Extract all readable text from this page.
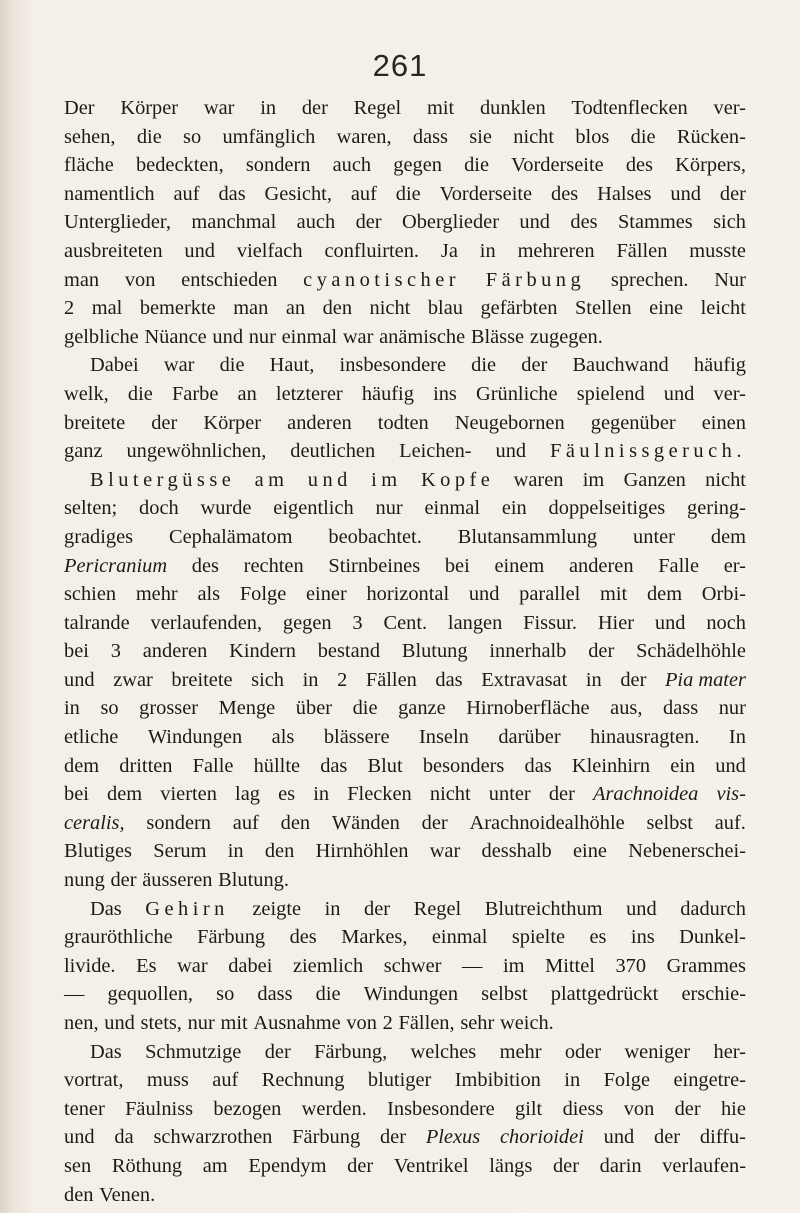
261
Der Körper war in der Regel mit dunklen Todtenflecken ver-
sehen, die so umfänglich waren, dass sie nicht blos die Rücken-
fläche bedeckten, sondern auch gegen die Vorderseite des Körpers,
namentlich auf das Gesicht, auf die Vorderseite des Halses und der
Unterglieder, manchmal auch der Oberglieder und des Stammes sich
ausbreiteten und vielfach confluirten. Ja in mehreren Fällen musste
man von entschieden cyanotischer Färbung sprechen. Nur
2 mal bemerkte man an den nicht blau gefärbten Stellen eine leicht
gelbliche Nüance und nur einmal war anämische Blässe zugegen.
Dabei war die Haut, insbesondere die der Bauchwand häufig
welk, die Farbe an letzterer häufig ins Grünliche spielend und ver-
breitete der Körper anderen todten Neugebornen gegenüber einen
ganz ungewöhnlichen, deutlichen Leichen- und Fäulnissgeruch.
Blutergüsse am und im Kopfe waren im Ganzen nicht
selten; doch wurde eigentlich nur einmal ein doppelseitiges gering-
gradiges Cephalämatom beobachtet. Blutansammlung unter dem
Pericranium des rechten Stirnbeines bei einem anderen Falle er-
schien mehr als Folge einer horizontal und parallel mit dem Orbi-
talrande verlaufenden, gegen 3 Cent. langen Fissur. Hier und noch
bei 3 anderen Kindern bestand Blutung innerhalb der Schädelhöhle
und zwar breitete sich in 2 Fällen das Extravasat in der Pia mater
in so grosser Menge über die ganze Hirnoberfläche aus, dass nur
etliche Windungen als blässere Inseln darüber hinausragten. In
dem dritten Falle hüllte das Blut besonders das Kleinhirn ein und
bei dem vierten lag es in Flecken nicht unter der Arachnoidea vis-
ceralis, sondern auf den Wänden der Arachnoidealhöhle selbst auf.
Blutiges Serum in den Hirnhöhlen war desshalb eine Nebenerschei-
nung der äusseren Blutung.
Das Gehirn zeigte in der Regel Blutreichthum und dadurch
grauröthliche Färbung des Markes, einmal spielte es ins Dunkel-
livide. Es war dabei ziemlich schwer — im Mittel 370 Grammes
— gequollen, so dass die Windungen selbst plattgedrückt erschie-
nen, und stets, nur mit Ausnahme von 2 Fällen, sehr weich.
Das Schmutzige der Färbung, welches mehr oder weniger her-
vortrat, muss auf Rechnung blutiger Imbibition in Folge eingetre-
tener Fäulniss bezogen werden. Insbesondere gilt diess von der hie
und da schwarzrothen Färbung der Plexus chorioidei und der diffu-
sen Röthung am Ependym der Ventrikel längs der darin verlaufen-
den Venen.
